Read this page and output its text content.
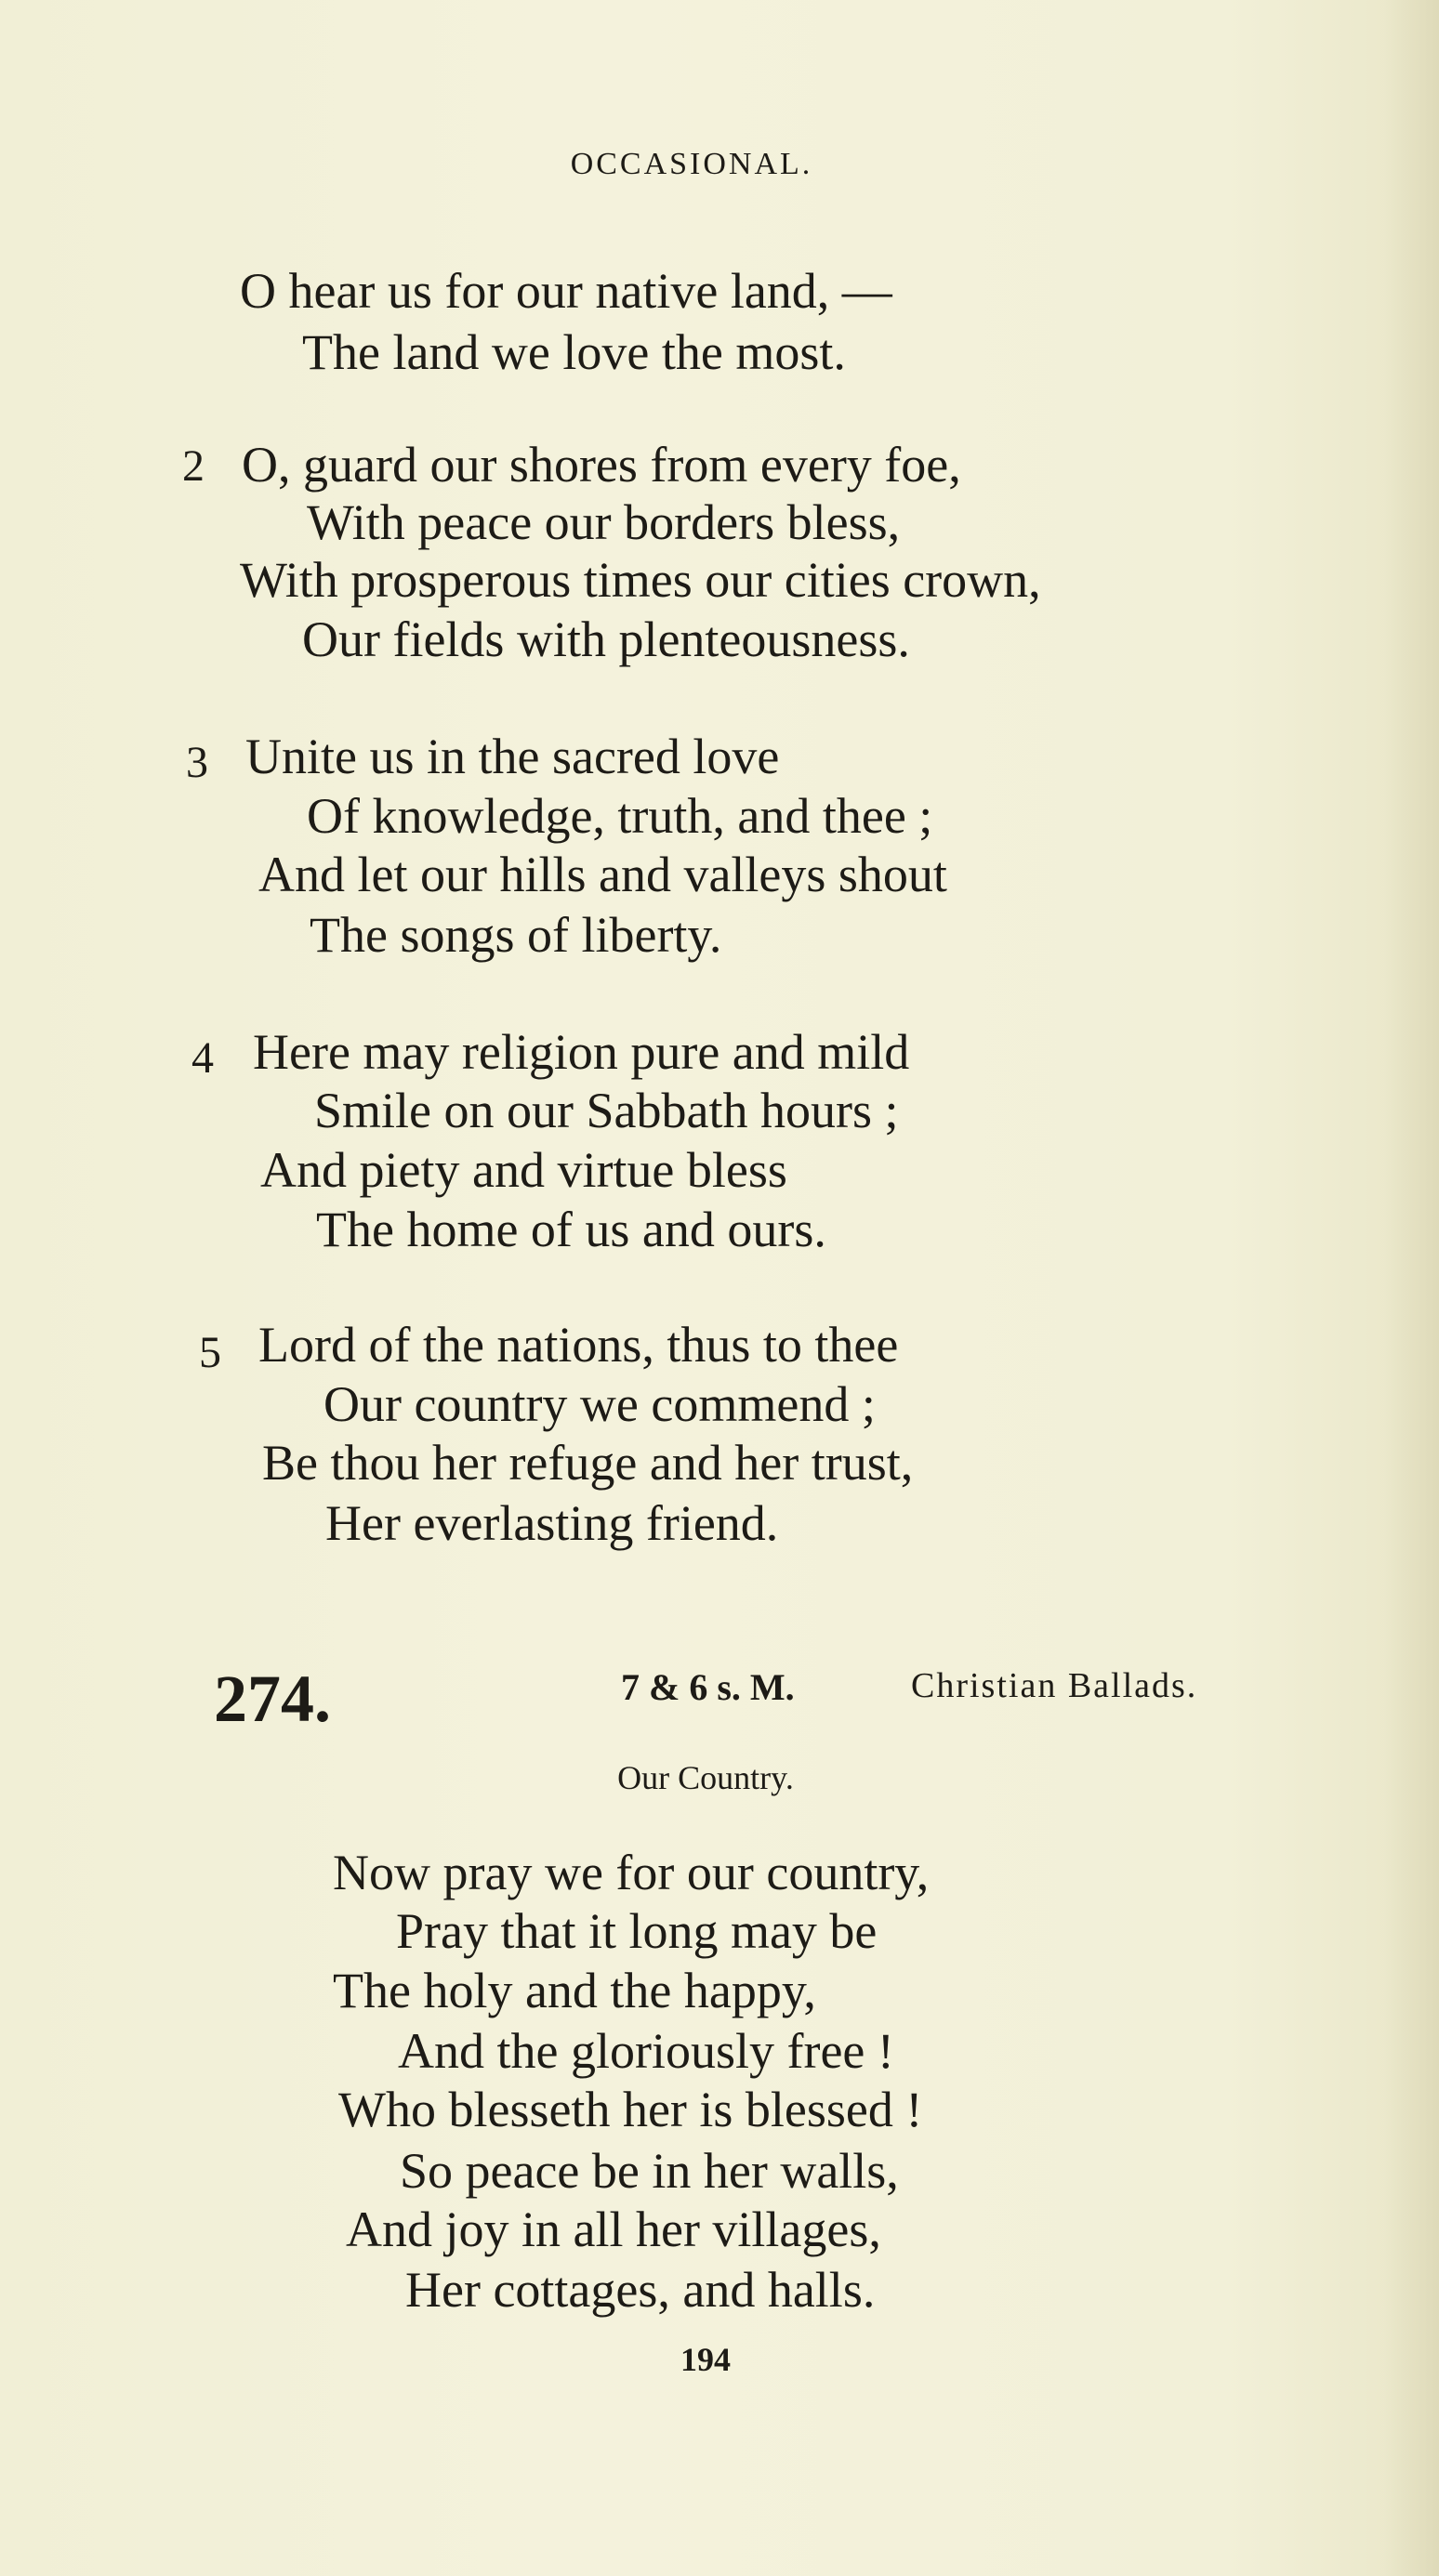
OCCASIONAL.
O hear us for our native land, —
The land we love the most.
2 O, guard our shores from every foe,
With peace our borders bless,
With prosperous times our cities crown,
Our fields with plenteousness.
3 Unite us in the sacred love
Of knowledge, truth, and thee ;
And let our hills and valleys shout
The songs of liberty.
4 Here may religion pure and mild
Smile on our Sabbath hours ;
And piety and virtue bless
The home of us and ours.
5 Lord of the nations, thus to thee
Our country we commend ;
Be thou her refuge and her trust,
Her everlasting friend.
274.	7 & 6 s. M.	Christian Ballads.
Our Country.
Now pray we for our country,
Pray that it long may be
The holy and the happy,
And the gloriously free !
Who blesseth her is blessed !
So peace be in her walls,
And joy in all her villages,
Her cottages, and halls.
194
